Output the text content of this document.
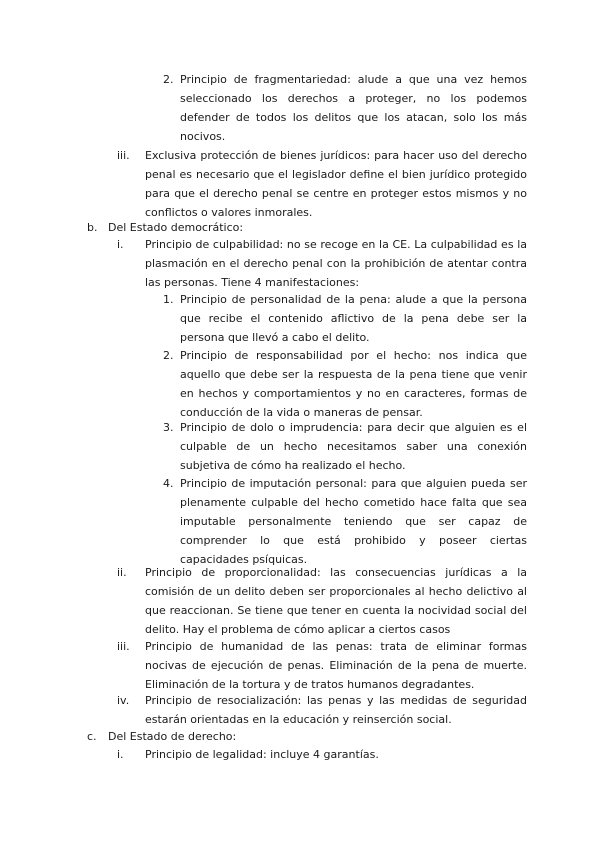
2. Principio de fragmentariedad: alude a que una vez hemos seleccionado los derechos a proteger, no los podemos defender de todos los delitos que los atacan, solo los más nocivos.
iii. Exclusiva protección de bienes jurídicos: para hacer uso del derecho penal es necesario que el legislador define el bien jurídico protegido para que el derecho penal se centre en proteger estos mismos y no conflictos o valores inmorales.
b. Del Estado democrático:
i. Principio de culpabilidad: no se recoge en la CE. La culpabilidad es la plasmación en el derecho penal con la prohibición de atentar contra las personas. Tiene 4 manifestaciones:
1. Principio de personalidad de la pena: alude a que la persona que recibe el contenido aflictivo de la pena debe ser la persona que llevó a cabo el delito.
2. Principio de responsabilidad por el hecho: nos indica que aquello que debe ser la respuesta de la pena tiene que venir en hechos y comportamientos y no en caracteres, formas de conducción de la vida o maneras de pensar.
3. Principio de dolo o imprudencia: para decir que alguien es el culpable de un hecho necesitamos saber una conexión subjetiva de cómo ha realizado el hecho.
4. Principio de imputación personal: para que alguien pueda ser plenamente culpable del hecho cometido hace falta que sea imputable personalmente teniendo que ser capaz de comprender lo que está prohibido y poseer ciertas capacidades psíquicas.
ii. Principio de proporcionalidad: las consecuencias jurídicas a la comisión de un delito deben ser proporcionales al hecho delictivo al que reaccionan. Se tiene que tener en cuenta la nocividad social del delito. Hay el problema de cómo aplicar a ciertos casos
iii. Principio de humanidad de las penas: trata de eliminar formas nocivas de ejecución de penas. Eliminación de la pena de muerte. Eliminación de la tortura y de tratos humanos degradantes.
iv. Principio de resocialización: las penas y las medidas de seguridad estarán orientadas en la educación y reinserción social.
c. Del Estado de derecho:
i. Principio de legalidad: incluye 4 garantías.
